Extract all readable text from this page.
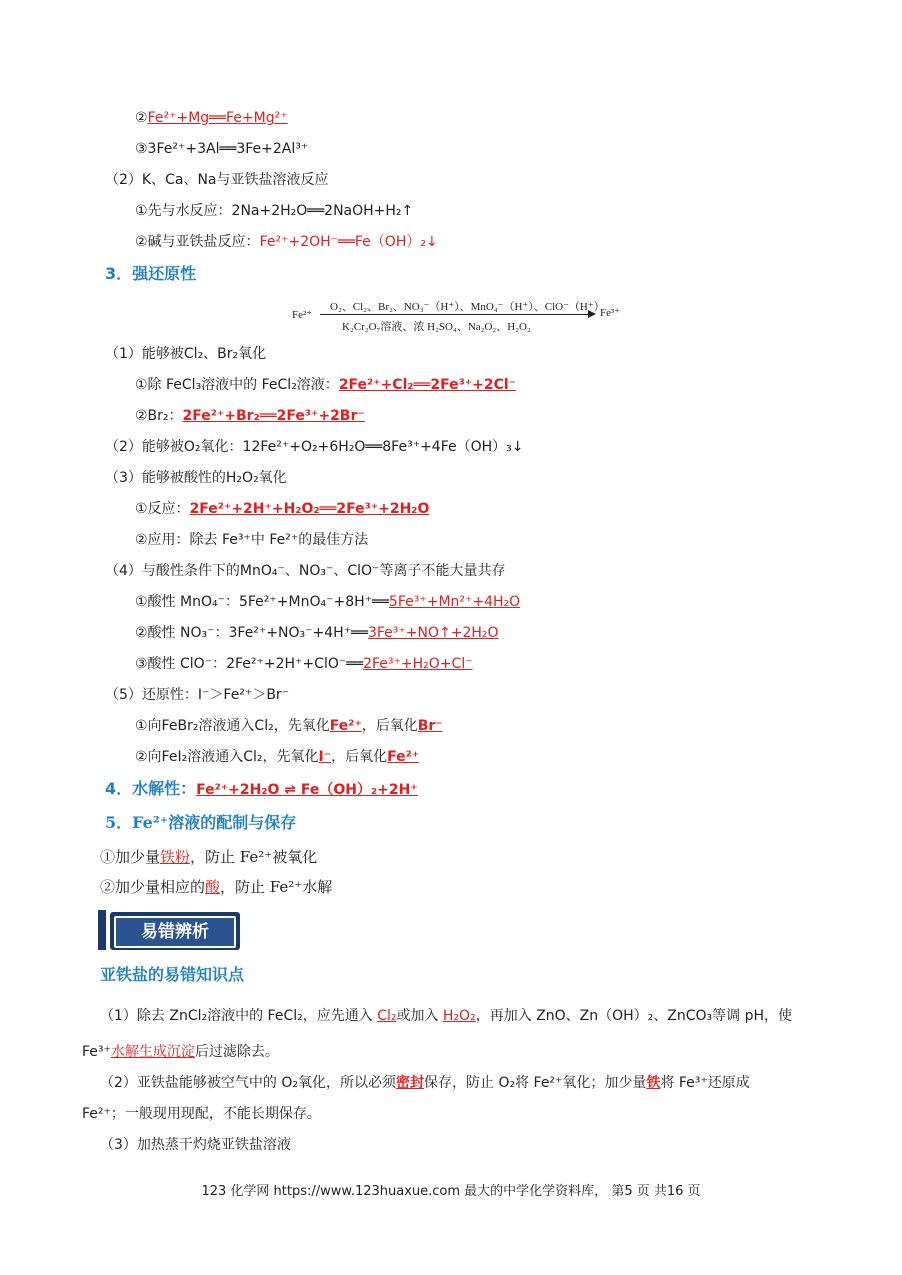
②Fe²⁺+Mg══Fe+Mg²⁺
③3Fe²⁺+3Al══3Fe+2Al³⁺
（2）K、Ca、Na与亚铁盐溶液反应
①先与水反应：2Na+2H₂O══2NaOH+H₂↑
②碱与亚铁盐反应：Fe²⁺+2OH⁻══Fe（OH）₂↓
3．强还原性
Fe²⁺
O₂、Cl₂、Br₂、NO₃⁻（H⁺）、MnO₄⁻（H⁺）、ClO⁻（H⁺）
K₂Cr₂O₇溶液、浓 H₂SO₄、Na₂O₂、H₂O₂
Fe³⁺
（1）能够被Cl₂、Br₂氧化
①除 FeCl₃溶液中的 FeCl₂溶液：2Fe²⁺+Cl₂══2Fe³⁺+2Cl⁻
②Br₂：2Fe²⁺+Br₂══2Fe³⁺+2Br⁻
（2）能够被O₂氧化：12Fe²⁺+O₂+6H₂O══8Fe³⁺+4Fe（OH）₃↓
（3）能够被酸性的H₂O₂氧化
①反应：2Fe²⁺+2H⁺+H₂O₂══2Fe³⁺+2H₂O
②应用：除去 Fe³⁺中 Fe²⁺的最佳方法
（4）与酸性条件下的MnO₄⁻、NO₃⁻、ClO⁻等离子不能大量共存
①酸性 MnO₄⁻：5Fe²⁺+MnO₄⁻+8H⁺══5Fe³⁺+Mn²⁺+4H₂O
②酸性 NO₃⁻：3Fe²⁺+NO₃⁻+4H⁺══3Fe³⁺+NO↑+2H₂O
③酸性 ClO⁻：2Fe²⁺+2H⁺+ClO⁻══2Fe³⁺+H₂O+Cl⁻
（5）还原性：I⁻＞Fe²⁺＞Br⁻
①向FeBr₂溶液通入Cl₂，先氧化Fe²⁺，后氧化Br⁻
②向FeI₂溶液通入Cl₂，先氧化I⁻，后氧化Fe²⁺
4．水解性：Fe²⁺+2H₂O ⇌ Fe（OH）₂+2H⁺
5．Fe²⁺溶液的配制与保存
①加少量铁粉，防止 Fe²⁺被氧化
②加少量相应的酸，防止 Fe²⁺水解
易错辨析
亚铁盐的易错知识点
（1）除去 ZnCl₂溶液中的 FeCl₂，应先通入 Cl₂或加入 H₂O₂，再加入 ZnO、Zn（OH）₂、ZnCO₃等调 pH，使
Fe³⁺水解生成沉淀后过滤除去。
（2）亚铁盐能够被空气中的 O₂氧化，所以必须密封保存，防止 O₂将 Fe²⁺氧化；加少量铁将 Fe³⁺还原成
Fe²⁺；一般现用现配，不能长期保存。
（3）加热蒸干灼烧亚铁盐溶液
123 化学网 https://www.123huaxue.com 最大的中学化学资料库， 第5 页 共16 页
